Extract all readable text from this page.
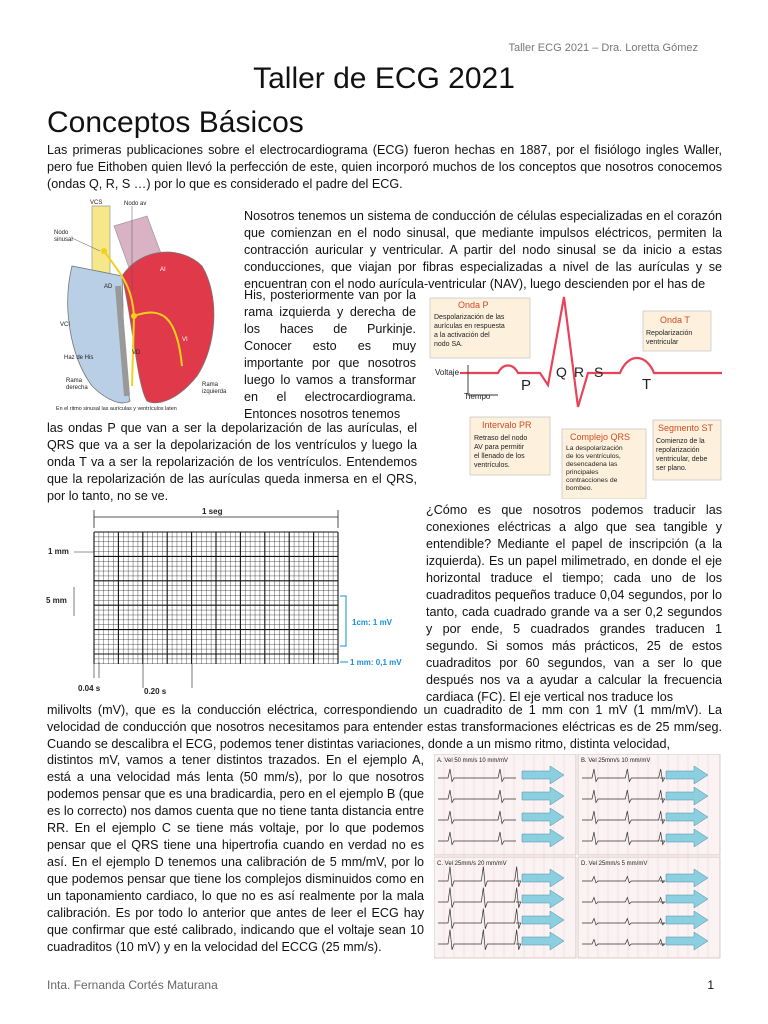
Taller ECG 2021 – Dra. Loretta Gómez
Taller de ECG 2021
Conceptos Básicos
Las primeras publicaciones sobre el electrocardiograma (ECG) fueron hechas en 1887, por el fisiólogo ingles Waller, pero fue Eithoben quien llevó la perfección de este, quien incorporó muchos de los conceptos que nosotros conocemos (ondas Q, R, S …) por lo que es considerado el padre del ECG.
VCS	Nodo av
Nodo
sinusal
AI
AD
VCI
Haz de His
VD
VI
Rama
derecha	Rama
izquierda
En el ritmo sinusal las aurículas y ventrículos laten
Nosotros tenemos un sistema de conducción de células especializadas en el corazón que comienzan en el nodo sinusal, que mediante impulsos eléctricos, permiten la contracción auricular y ventricular. A partir del nodo sinusal se da inicio a estas conducciones, que viajan por fibras especializadas a nivel de las aurículas y se encuentran con el nodo aurícula-ventricular (NAV), luego descienden por el has de
His, posteriormente van por la rama izquierda y derecha de los haces de Purkinje. Conocer esto es muy importante por que nosotros luego lo vamos a transformar en el electrocardiograma. Entonces nosotros tenemos
Voltaje
Tiempo
P
Q R S
T
Onda P
Despolarización de las
aurículas en respuesta
a la activación del
nodo SA.
Onda T
Repolarización
ventricular
Intervalo PR
Retraso del nodo
AV para permitir
el llenado de los
ventrículos.
Complejo QRS
La despolarización
de los ventrículos,
desencadena las
principales
contracciones de
bombeo.
Segmento ST
Comienzo de la
repolarización
ventricular, debe
ser plano.
las ondas P que van a ser la depolarización de las aurículas, el QRS que va a ser la depolarización de los ventrículos y luego la onda T va a ser la repolarización de los ventrículos. Entendemos que la repolarización de las aurículas queda inmersa en el QRS, por lo tanto, no se ve.
1 seg
1 mm
5 mm
0.04 s	0.20 s
1cm: 1 mV
1 mm: 0,1 mV
¿Cómo es que nosotros podemos traducir las conexiones eléctricas a algo que sea tangible y entendible? Mediante el papel de inscripción (a la izquierda). Es un papel milimetrado, en donde el eje horizontal traduce el tiempo; cada uno de los cuadraditos pequeños traduce 0,04 segundos, por lo tanto, cada cuadrado grande va a ser 0,2 segundos y por ende, 5 cuadrados grandes traducen 1 segundo. Si somos más prácticos, 25 de estos cuadraditos por 60 segundos, van a ser lo que después nos va a ayudar a calcular la frecuencia cardiaca (FC). El eje vertical nos traduce los
milivolts (mV), que es la conducción eléctrica, correspondiendo un cuadradito de 1 mm con 1 mV (1 mm/mV). La velocidad de conducción que nosotros necesitamos para entender estas transformaciones eléctricas es de 25 mm/seg. Cuando se descalibra el ECG, podemos tener distintas variaciones, donde a un mismo ritmo, distinta velocidad,
distintos mV, vamos a tener distintos trazados. En el ejemplo A, está a una velocidad más lenta (50 mm/s), por lo que nosotros podemos pensar que es una bradicardia, pero en el ejemplo B (que es lo correcto) nos damos cuenta que no tiene tanta distancia entre RR. En el ejemplo C se tiene más voltaje, por lo que podemos pensar que el QRS tiene una hipertrofia cuando en verdad no es así. En el ejemplo D tenemos una calibración de 5 mm/mV, por lo que podemos pensar que tiene los complejos disminuidos como en un taponamiento cardiaco, lo que no es así realmente por la mala calibración. Es por todo lo anterior que antes de leer el ECG hay que confirmar que esté calibrado, indicando que el voltaje sean 10 cuadraditos (10 mV) y en la velocidad del ECCG (25 mm/s).
A. Vel 50 mm/s 10 mm/mV	B. Vel 25mm/s 10 mm/mV
C. Vel 25mm/s 20 mm/mV	D. Vel 25mm/s 5 mm/mV
Inta. Fernanda Cortés Maturana	1
